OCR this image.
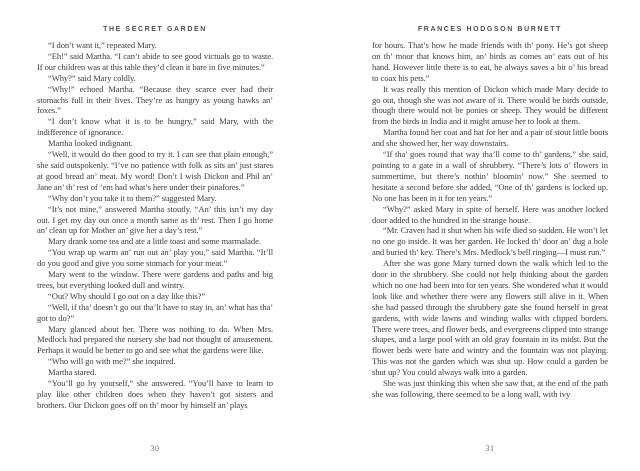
THE SECRET GARDEN

“I don’t want it,” repeated Mary.

“Eh!” said Martha. “I can’t abide to see good victuals go to waste. If our children was at this table they’d clean it bare in five minutes.”

“Why?” said Mary coldly.

“Why!” echoed Martha. “Because they scarce ever had their stomachs full in their lives. They’re as hungry as young hawks an’ foxes.”

“I don’t know what it is to be hungry,” said Mary, with the indifference of ignorance.

Martha looked indignant.

“Well, it would do thee good to try it. I can see that plain enough,” she said outspokenly. “I’ve no patience with folk as sits an’ just stares at good bread an’ meat. My word! Don’t I wish Dickon and Phil an’ Jane an’ th’ rest of ’em had what’s here under their pinafores.”

“Why don’t you take it to them?” suggested Mary.

“It’s not mine,” answered Martha stoutly. “An’ this isn’t my day out. I get my day out once a month same as th’ rest. Then I go home an’ clean up for Mother an’ give her a day’s rest.”

Mary drank some tea and ate a little toast and some marmalade.

“You wrap up warm an’ run out an’ play you,” said Martha. “It’ll do you good and give you some stomach for your meat.”

Mary went to the window. There were gardens and paths and big trees, but everything looked dull and wintry.

“Out? Why should I go out on a day like this?”

“Well, if tha’ doesn’t go out tha’lt have to stay in, an’ what has tha’ got to do?”

Mary glanced about her. There was nothing to do. When Mrs. Medlock had prepared the nursery she had not thought of amusement. Perhaps it would be better to go and see what the gardens were like.

“Who will go with me?” she inquired.

Martha stared.

“You’ll go by yourself,” she answered. “You’ll have to learn to play like other children does when they haven’t got sisters and brothers. Our Dickon goes off on th’ moor by himself an’ plays

30
FRANCES HODGSON BURNETT

for hours. That’s how he made friends with th’ pony. He’s got sheep on th’ moor that knows him, an’ birds as comes an’ eats out of his hand. However little there is to eat, he always saves a bit o’ his bread to coax his pets.”

It was really this mention of Dickon which made Mary decide to go out, though she was not aware of it. There would be birds outside, though there would not be ponies or sheep. They would be different from the birds in India and it might amuse her to look at them.

Martha found her coat and hat for her and a pair of stout little boots and she showed her, her way downstairs.

“If tha’ goes round that way tha’ll come to th’ gardens,” she said, pointing to a gate in a wall of shrubbery. “There’s lots o’ flowers in summertime, but there’s nothin’ bloomin’ now.” She seemed to hesitate a second before she added, “One of th’ gardens is locked up. No one has been in it for ten years.”

“Why?” asked Mary in spite of herself. Here was another locked door added to the hundred in the strange house.

“Mr. Craven had it shut when his wife died so sudden. He won’t let no one go inside. It was her garden. He locked th’ door an’ dug a hole and buried th’ key. There’s Mrs. Medlock’s bell ringing—I must run.”

After she was gone Mary turned down the walk which led to the door in the shrubbery. She could not help thinking about the garden which no one had been into for ten years. She wondered what it would look like and whether there were any flowers still alive in it. When she had passed through the shrubbery gate she found herself in great gardens, with wide lawns and winding walks with clipped borders. There were trees, and flower beds, and evergreens clipped into strange shapes, and a large pool with an old gray fountain in its midst. But the flower beds were bare and wintry and the fountain was not playing. This was not the garden which was shut up. How could a garden be shut up? You could always walk into a garden.

She was just thinking this when she saw that, at the end of the path she was following, there seemed to be a long wall, with ivy

31
